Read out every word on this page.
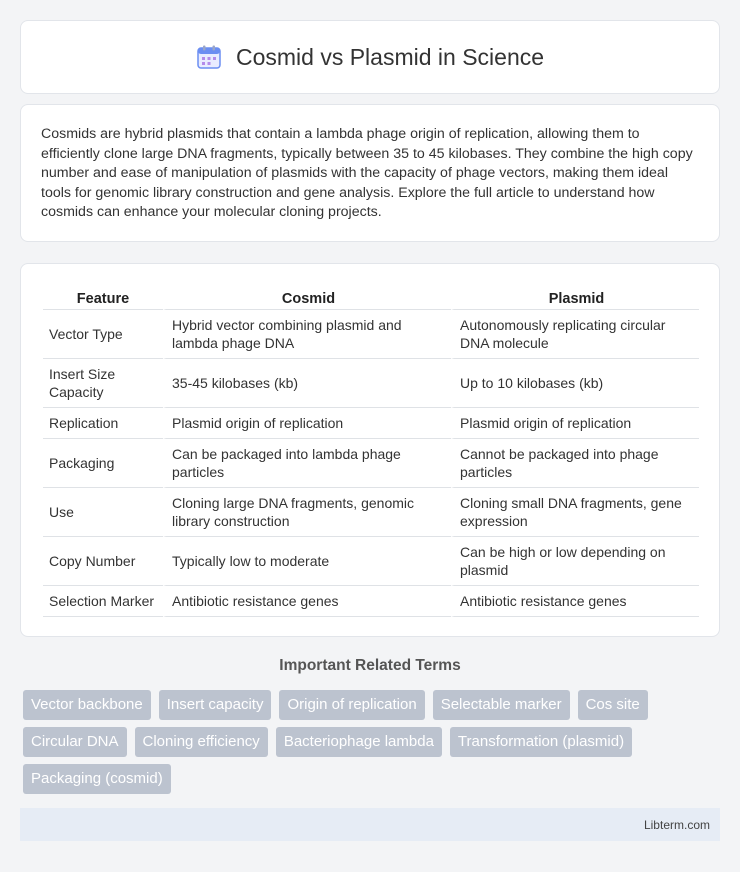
Cosmid vs Plasmid in Science

Cosmids are hybrid plasmids that contain a lambda phage origin of replication, allowing them to efficiently clone large DNA fragments, typically between 35 to 45 kilobases. They combine the high copy number and ease of manipulation of plasmids with the capacity of phage vectors, making them ideal tools for genomic library construction and gene analysis. Explore the full article to understand how cosmids can enhance your molecular cloning projects.

Feature	Cosmid	Plasmid
Vector Type	Hybrid vector combining plasmid and lambda phage DNA	Autonomously replicating circular DNA molecule
Insert Size Capacity	35-45 kilobases (kb)	Up to 10 kilobases (kb)
Replication	Plasmid origin of replication	Plasmid origin of replication
Packaging	Can be packaged into lambda phage particles	Cannot be packaged into phage particles
Use	Cloning large DNA fragments, genomic library construction	Cloning small DNA fragments, gene expression
Copy Number	Typically low to moderate	Can be high or low depending on plasmid
Selection Marker	Antibiotic resistance genes	Antibiotic resistance genes
Important Related Terms
Vector backbone	Insert capacity	Origin of replication	Selectable marker	Cos site
Circular DNA	Cloning efficiency	Bacteriophage lambda	Transformation (plasmid)
Packaging (cosmid)
Libterm.com
